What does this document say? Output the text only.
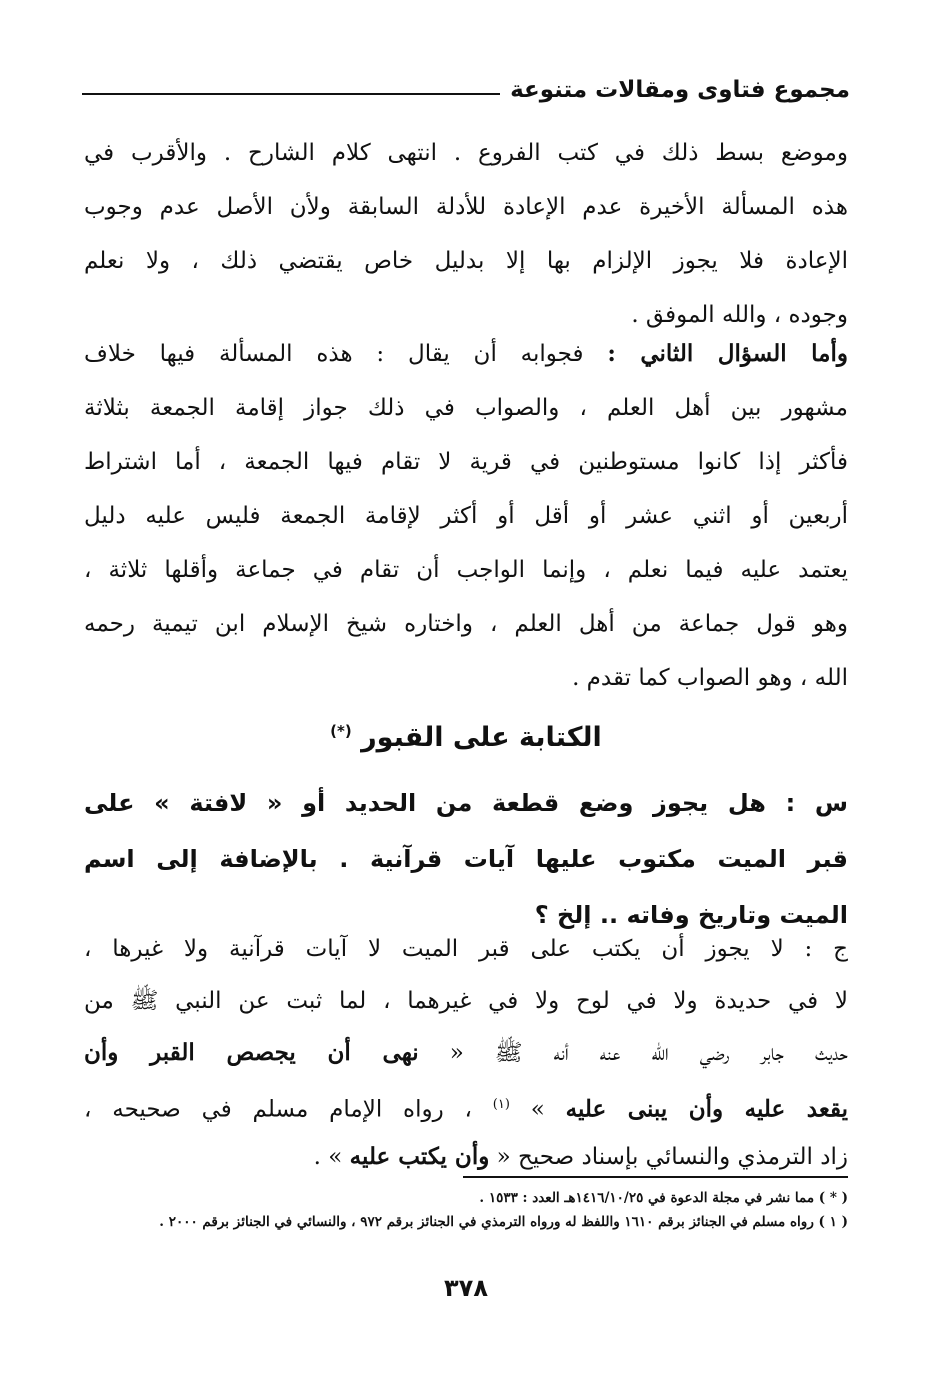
مجموع فتاوى ومقالات متنوعة
وموضع بسط ذلك في كتب الفروع . انتهى كلام الشارح . والأقرب في
هذه المسألة الأخيرة عدم الإعادة للأدلة السابقة ولأن الأصل عدم وجوب
الإعادة فلا يجوز الإلزام بها إلا بدليل خاص يقتضي ذلك ، ولا نعلم
وجوده ، والله الموفق .
وأما السؤال الثاني : فجوابه أن يقال : هذه المسألة فيها خلاف
مشهور بين أهل العلم ، والصواب في ذلك جواز إقامة الجمعة بثلاثة
فأكثر إذا كانوا مستوطنين في قرية لا تقام فيها الجمعة ، أما اشتراط
أربعين أو اثني عشر أو أقل أو أكثر لإقامة الجمعة فليس عليه دليل
يعتمد عليه فيما نعلم ، وإنما الواجب أن تقام في جماعة وأقلها ثلاثة ،
وهو قول جماعة من أهل العلم ، واختاره شيخ الإسلام ابن تيمية رحمه
الله ، وهو الصواب كما تقدم .
الكتابة على القبور (*)
س : هل يجوز وضع قطعة من الحديد أو « لافتة » على
قبر الميت مكتوب عليها آيات قرآنية . بالإضافة إلى اسم
الميت وتاريخ وفاته .. إلخ ؟
ج : لا يجوز أن يكتب على قبر الميت لا آيات قرآنية ولا غيرها ،
لا في حديدة ولا في لوح ولا في غيرهما ، لما ثبت عن النبي ﷺ من
حديث جابر رضي الله عنه أنه ﷺ « نهى أن يجصص القبر وأن
يقعد عليه وأن يبنى عليه » $^{(١)}$ ، رواه الإمام مسلم في صحيحه ،
زاد الترمذي والنسائي بإسناد صحيح « وأن يكتب عليه » .
( * ) مما نشر في مجلة الدعوة في ١٤١٦/١٠/٢٥هـ العدد : ١٥٣٣ .
( ١ ) رواه مسلم في الجنائز برقم ١٦١٠ واللفظ له ورواه الترمذي في الجنائز برقم ٩٧٢ ، والنسائي في الجنائز برقم ٢٠٠٠ .
٣٧٨
